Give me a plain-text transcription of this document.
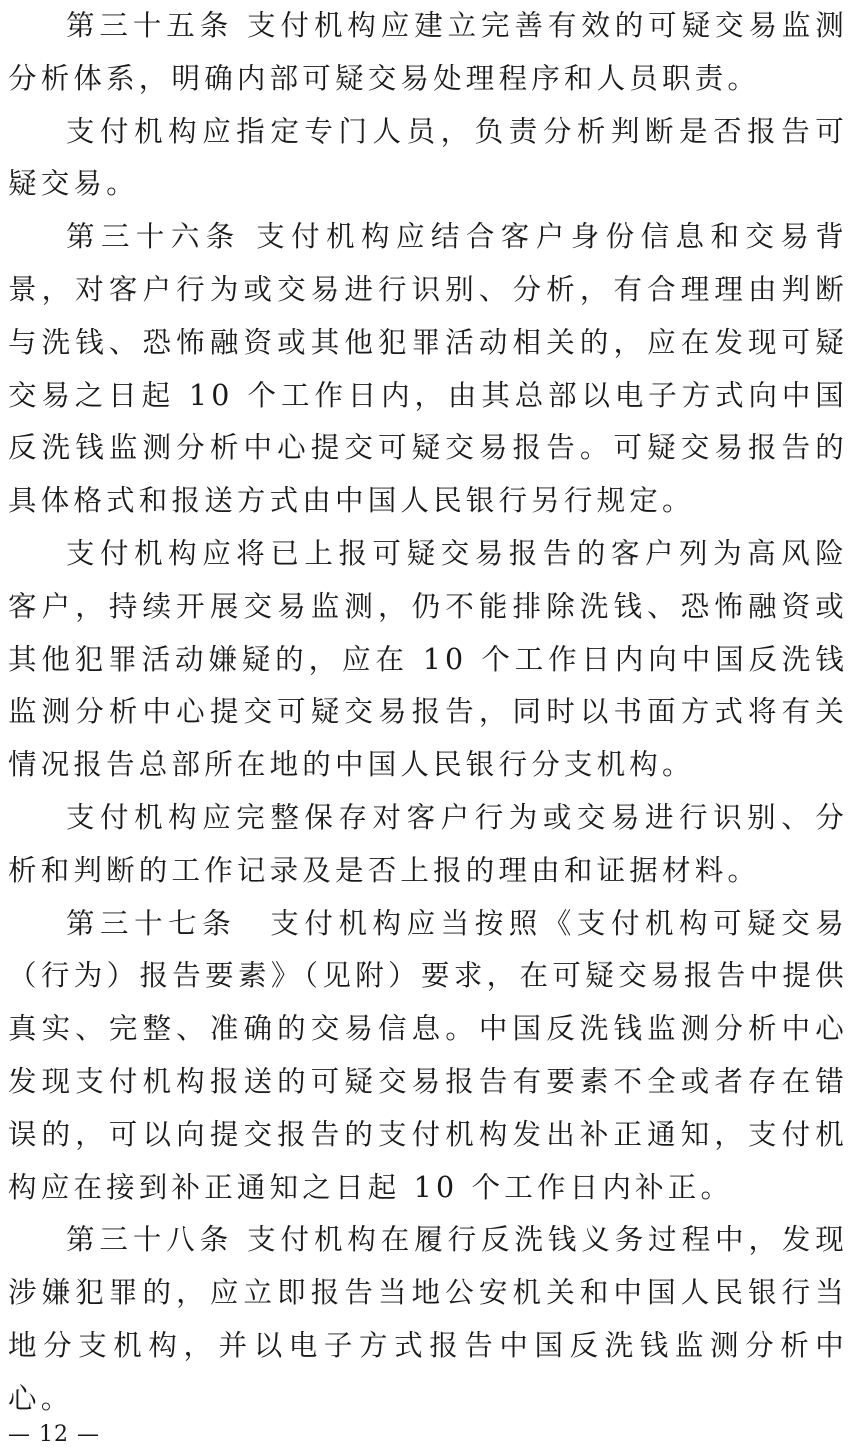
第三十五条 支付机构应建立完善有效的可疑交易监测分析体系，明确内部可疑交易处理程序和人员职责。

支付机构应指定专门人员，负责分析判断是否报告可疑交易。

第三十六条 支付机构应结合客户身份信息和交易背景，对客户行为或交易进行识别、分析，有合理理由判断与洗钱、恐怖融资或其他犯罪活动相关的，应在发现可疑交易之日起 10 个工作日内，由其总部以电子方式向中国反洗钱监测分析中心提交可疑交易报告。可疑交易报告的具体格式和报送方式由中国人民银行另行规定。

支付机构应将已上报可疑交易报告的客户列为高风险客户，持续开展交易监测，仍不能排除洗钱、恐怖融资或其他犯罪活动嫌疑的，应在 10 个工作日内向中国反洗钱监测分析中心提交可疑交易报告，同时以书面方式将有关情况报告总部所在地的中国人民银行分支机构。

支付机构应完整保存对客户行为或交易进行识别、分析和判断的工作记录及是否上报的理由和证据材料。

第三十七条　支付机构应当按照《支付机构可疑交易（行为）报告要素》（见附）要求，在可疑交易报告中提供真实、完整、准确的交易信息。中国反洗钱监测分析中心发现支付机构报送的可疑交易报告有要素不全或者存在错误的，可以向提交报告的支付机构发出补正通知，支付机构应在接到补正通知之日起 10 个工作日内补正。

第三十八条 支付机构在履行反洗钱义务过程中，发现涉嫌犯罪的，应立即报告当地公安机关和中国人民银行当地分支机构，并以电子方式报告中国反洗钱监测分析中心。

— 12 —
